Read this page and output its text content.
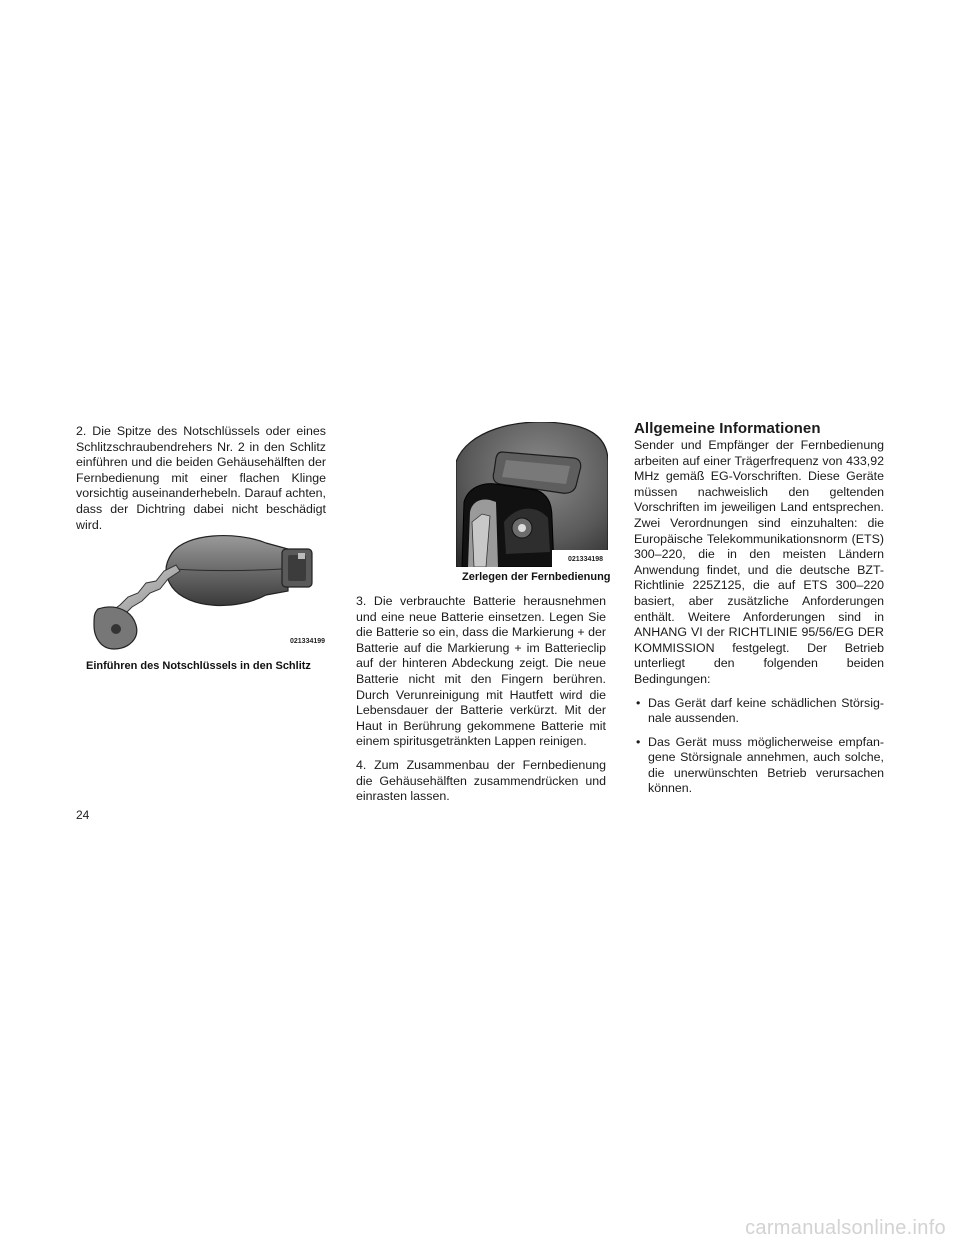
2. Die Spitze des Notschlüssels oder eines Schlitzschraubendrehers Nr. 2 in den Schlitz einführen und die beiden Gehäusehälften der Fernbedienung mit einer flachen Klinge vorsichtig auseinanderhebeln. Darauf achten, dass der Dichtring dabei nicht beschädigt wird.

021334199
Einführen des Notschlüssels in den Schlitz
021334198
Zerlegen der Fernbedienung

3. Die verbrauchte Batterie herausnehmen und eine neue Batterie einsetzen. Legen Sie die Batterie so ein, dass die Markierung + der Batterie auf die Markierung + im Batterieclip auf der hinteren Abdeckung zeigt. Die neue Batterie nicht mit den Fingern berühren. Durch Verunreinigung mit Hautfett wird die Lebensdauer der Batterie verkürzt. Mit der Haut in Berührung gekommene Batterie mit einem spiritusgetränkten Lappen reinigen.

4. Zum Zusammenbau der Fernbedienung die Gehäusehälften zusammendrücken und einrasten lassen.

Allgemeine Informationen

Sender und Empfänger der Fernbedienung arbeiten auf einer Trägerfrequenz von 433,92 MHz gemäß EG-Vorschriften. Diese Geräte müssen nachweislich den geltenden Vorschriften im jeweiligen Land entsprechen. Zwei Verordnungen sind einzuhalten: die Europäische Telekommunikationsnorm (ETS) 300–220, die in den meisten Ländern Anwendung findet, und die deutsche BZT-Richtlinie 225Z125, die auf ETS 300–220 basiert, aber zusätzliche Anforderungen enthält. Weitere Anforderungen sind in ANHANG VI der RICHTLINIE 95/56/EG DER KOMMISSION festgelegt. Der Betrieb unterliegt den folgenden beiden Bedingungen:

• Das Gerät darf keine schädlichen Störsignale aussenden.
• Das Gerät muss möglicherweise empfangene Störsignale annehmen, auch solche, die unerwünschten Betrieb verursachen können.
24
carmanualsonline.info
